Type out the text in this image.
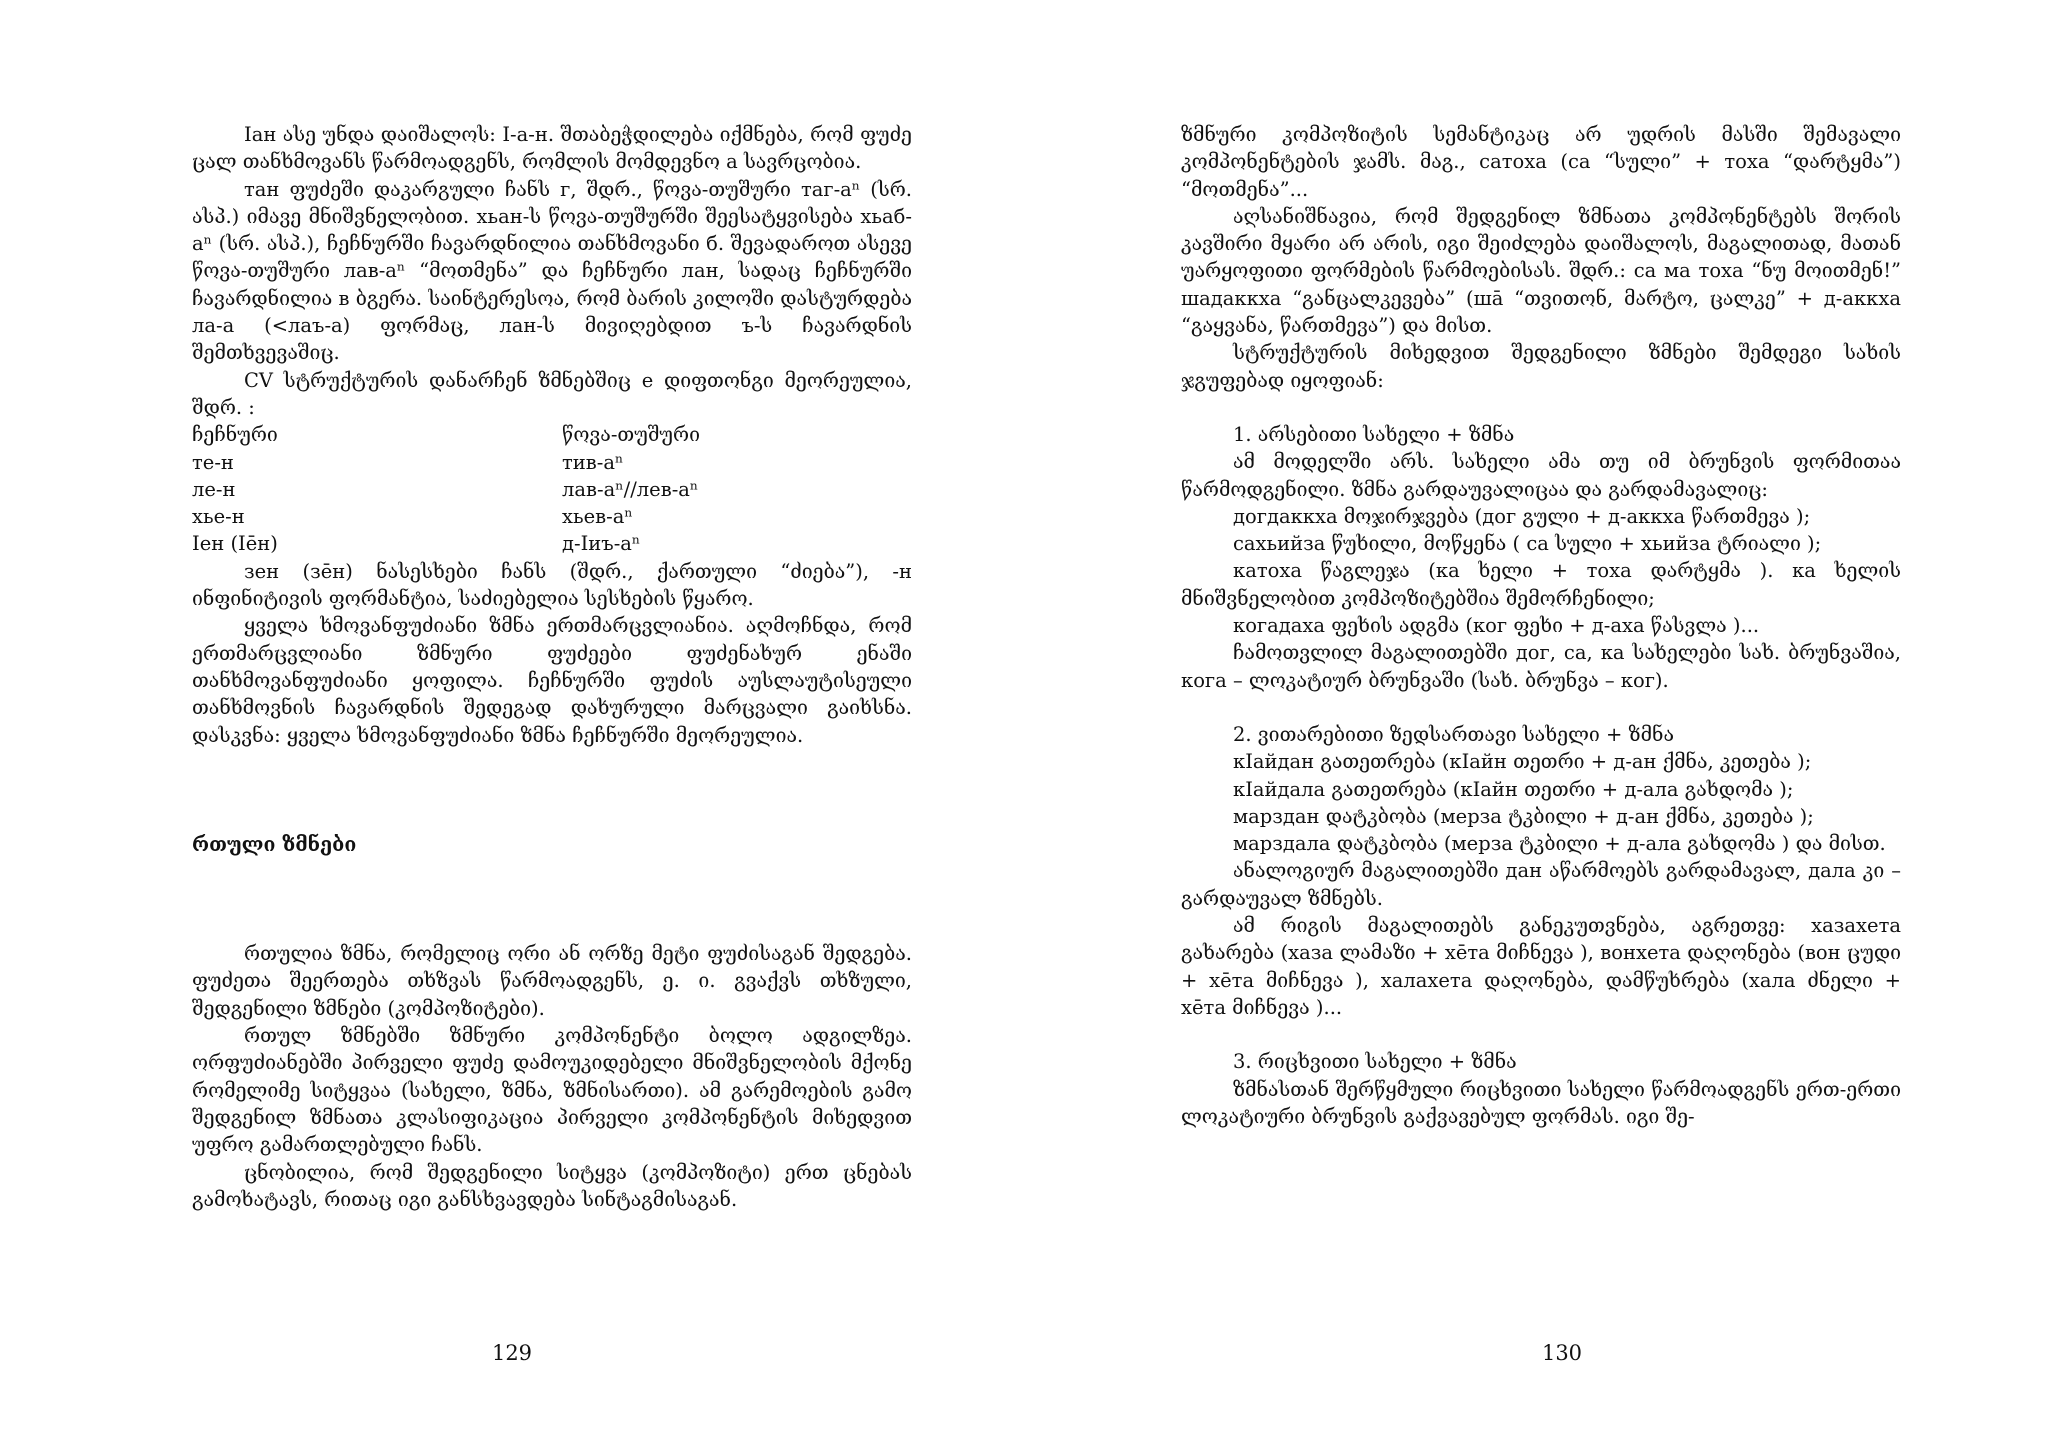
Iан ასე უნდა დაიშალოს: I-а-н. შთაბეჭდილება იქმნება, რომ ფუძე ცალ თანხმოვანს წარმოადგენს, რომლის მომდევნო а სავრცობია.

тан ფუძეში დაკარგული ჩანს г, შდრ., წოვა-თუშური таг-аⁿ (სრ. ასპ.) იმავე მნიშვნელობით. хьан-ს წოვა-თუშურში შეესატყვისება хьаб-аⁿ (სრ. ასპ.), ჩეჩნურში ჩავარდნილია თანხმოვანი б. შევადაროთ ასევე წოვა-თუშური лав-аⁿ “მოთმენა” და ჩეჩნური лан, სადაც ჩეჩნურში ჩავარდნილია в ბგერა. საინტერესოა, რომ ბარის კილოში დასტურდება ла-а (<лаъ-а) ფორმაც, лан-ს მივიღებდით ъ-ს ჩავარდნის შემთხვევაშიც.

CV სტრუქტურის დანარჩენ ზმნებშიც е დიფთონგი მეორეულია, შდრ. :

ჩეჩნური	წოვა-თუშური
те-н	тив-аⁿ
ле-н	лав-аⁿ//лев-аⁿ
хье-н	хьев-аⁿ
Iен (Iēн)	д-Iиъ-аⁿ

зен (зēн) ნასესხები ჩანს (შდრ., ქართული “ძიება”), -н ინფინიტივის ფორმანტია, საძიებელია სესხების წყარო.

ყველა ხმოვანფუძიანი ზმნა ერთმარცვლიანია. აღმოჩნდა, რომ ერთმარცვლიანი ზმნური ფუძეები ფუძენახურ ენაში თანხმოვანფუძიანი ყოფილა. ჩეჩნურში ფუძის აუსლაუტისეული თანხმოვნის ჩავარდნის შედეგად დახურული მარცვალი გაიხსნა. დასკვნა: ყველა ხმოვანფუძიანი ზმნა ჩეჩნურში მეორეულია.

რთული ზმნები

რთულია ზმნა, რომელიც ორი ან ორზე მეტი ფუძისაგან შედგება. ფუძეთა შეერთება თხზვას წარმოადგენს, ე. ი. გვაქვს თხზული, შედგენილი ზმნები (კომპოზიტები).

რთულ ზმნებში ზმნური კომპონენტი ბოლო ადგილზეა. ორფუძიანებში პირველი ფუძე დამოუკიდებელი მნიშვნელობის მქონე რომელიმე სიტყვაა (სახელი, ზმნა, ზმნისართი). ამ გარემოების გამო შედგენილ ზმნათა კლასიფიკაცია პირველი კომპონენტის მიხედვით უფრო გამართლებული ჩანს.

ცნობილია, რომ შედგენილი სიტყვა (კომპოზიტი) ერთ ცნებას გამოხატავს, რითაც იგი განსხვავდება სინტაგმისაგან.

129

ზმნური კომპოზიტის სემანტიკაც არ უდრის მასში შემავალი კომპონენტების ჯამს. მაგ., сатоха (са “სული” + тоха “დარტყმა”) “მოთმენა”...

აღსანიშნავია, რომ შედგენილ ზმნათა კომპონენტებს შორის კავშირი მყარი არ არის, იგი შეიძლება დაიშალოს, მაგალითად, მათან უარყოფითი ფორმების წარმოებისას. შდრ.: са ма тоха “ნუ მოითმენ!” шадаккха “განცალკევება” (шā “თვითონ, მარტო, ცალკე” + д-аккха “გაყვანა, წართმევა”) და მისთ.

სტრუქტურის მიხედვით შედგენილი ზმნები შემდეგი სახის ჯგუფებად იყოფიან:

1. არსებითი სახელი + ზმნა

ამ მოდელში არს. სახელი ამა თუ იმ ბრუნვის ფორმითაა წარმოდგენილი. ზმნა გარდაუვალიცაა და გარდამავალიც:

догдаккха მოჯირჯვება (дог გული + д-аккха წართმევა );

сахьийза წუხილი, მოწყენა ( са სული + хьийза ტრიალი );

катоха წაგლეჯა (ка ხელი + тоха დარტყმა ). ка ხელის მნიშვნელობით კომპოზიტებშია შემორჩენილი;

когадаха ფეხის ადგმა (ког ფეხი + д-аха წასვლა )...

ჩამოთვლილ მაგალითებში дог, са, ка სახელები სახ. ბრუნვაშია, кога – ლოკატიურ ბრუნვაში (სახ. ბრუნვა – ког).

2. ვითარებითი ზედსართავი სახელი + ზმნა

кIайдан გათეთრება (кIайн თეთრი + д-ан ქმნა, კეთება );

кIайдала გათეთრება (кIайн თეთრი + д-ала გახდომა );

марздан დატკბობა (мерза ტკბილი + д-ан ქმნა, კეთება );

марздала დატკბობა (мерза ტკბილი + д-ала გახდომა ) და მისთ.

ანალოგიურ მაგალითებში дан აწარმოებს გარდამავალ, дала კი – გარდაუვალ ზმნებს.

ამ რიგის მაგალითებს განეკუთვნება, აგრეთვე: хазахета გახარება (хаза ლამაზი + хēта მიჩნევა ), вонхета დაღონება (вон ცუდი + хēта მიჩნევა ), халахета დაღონება, დამწუხრება (хала ძნელი + хēта მიჩნევა )...

3. რიცხვითი სახელი + ზმნა

ზმნასთან შერწყმული რიცხვითი სახელი წარმოადგენს ერთ-ერთი ლოკატიური ბრუნვის გაქვავებულ ფორმას. იგი შე-

130
